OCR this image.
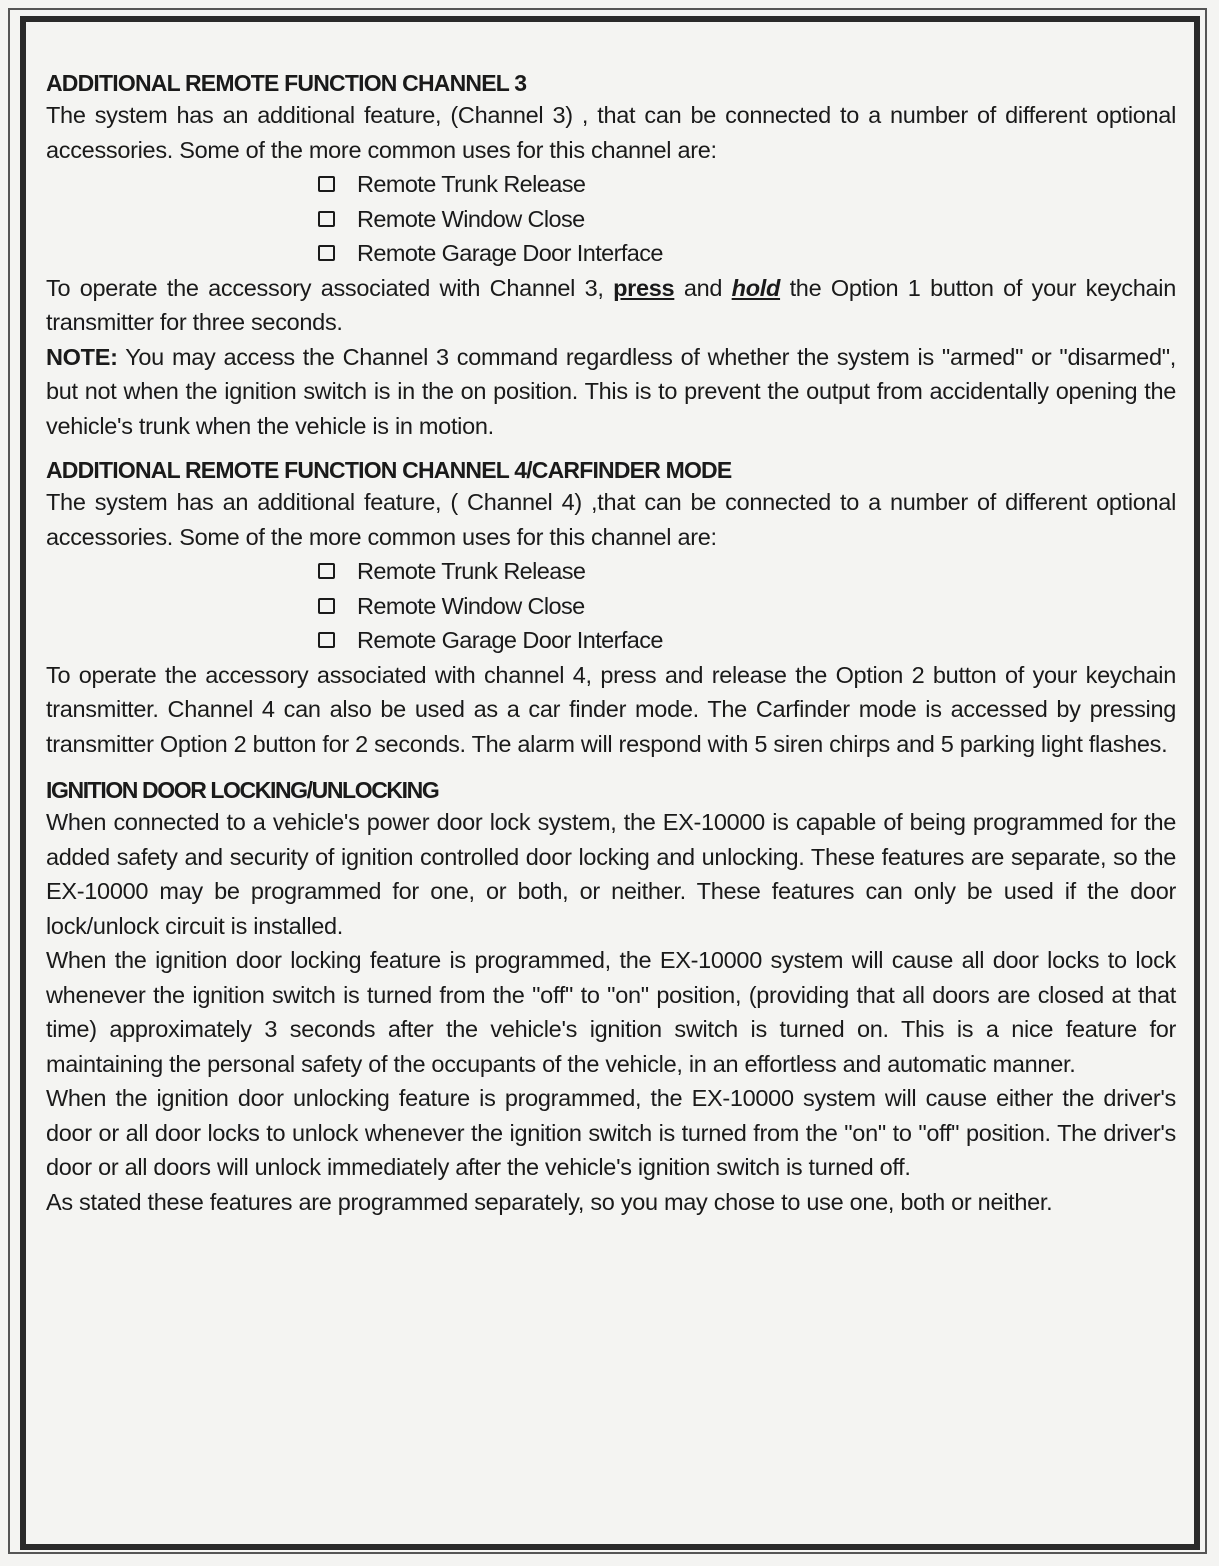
ADDITIONAL REMOTE FUNCTION CHANNEL 3

The system has an additional feature, (Channel 3) , that can be connected to a number of different optional accessories. Some of the more common uses for this channel are:

Remote Trunk Release
Remote Window Close
Remote Garage Door Interface

To operate the accessory associated with Channel 3, press and hold the Option 1 button of your keychain transmitter for three seconds.

NOTE: You may access the Channel 3 command regardless of whether the system is "armed" or "disarmed", but not when the ignition switch is in the on position. This is to prevent the output from accidentally opening the vehicle's trunk when the vehicle is in motion.

ADDITIONAL REMOTE FUNCTION CHANNEL 4/CARFINDER MODE

The system has an additional feature, ( Channel 4) ,that can be connected to a number of different optional accessories. Some of the more common uses for this channel are:

Remote Trunk Release
Remote Window Close
Remote Garage Door Interface

To operate the accessory associated with channel 4, press and release the Option 2 button of your keychain transmitter. Channel 4 can also be used as a car finder mode. The Carfinder mode is accessed by pressing transmitter Option 2 button for 2 seconds. The alarm will respond with 5 siren chirps and 5 parking light flashes.

IGNITION DOOR LOCKING/UNLOCKING

When connected to a vehicle's power door lock system, the EX-10000 is capable of being programmed for the added safety and security of ignition controlled door locking and unlocking. These features are separate, so the EX-10000 may be programmed for one, or both, or neither. These features can only be used if the door lock/unlock circuit is installed.

When the ignition door locking feature is programmed, the EX-10000 system will cause all door locks to lock whenever the ignition switch is turned from the "off" to "on" position, (providing that all doors are closed at that time) approximately 3 seconds after the vehicle's ignition switch is turned on. This is a nice feature for maintaining the personal safety of the occupants of the vehicle, in an effortless and automatic manner.

When the ignition door unlocking feature is programmed, the EX-10000 system will cause either the driver's door or all door locks to unlock whenever the ignition switch is turned from the "on" to "off" position. The driver's door or all doors will unlock immediately after the vehicle's ignition switch is turned off.

As stated these features are programmed separately, so you may chose to use one, both or neither.
